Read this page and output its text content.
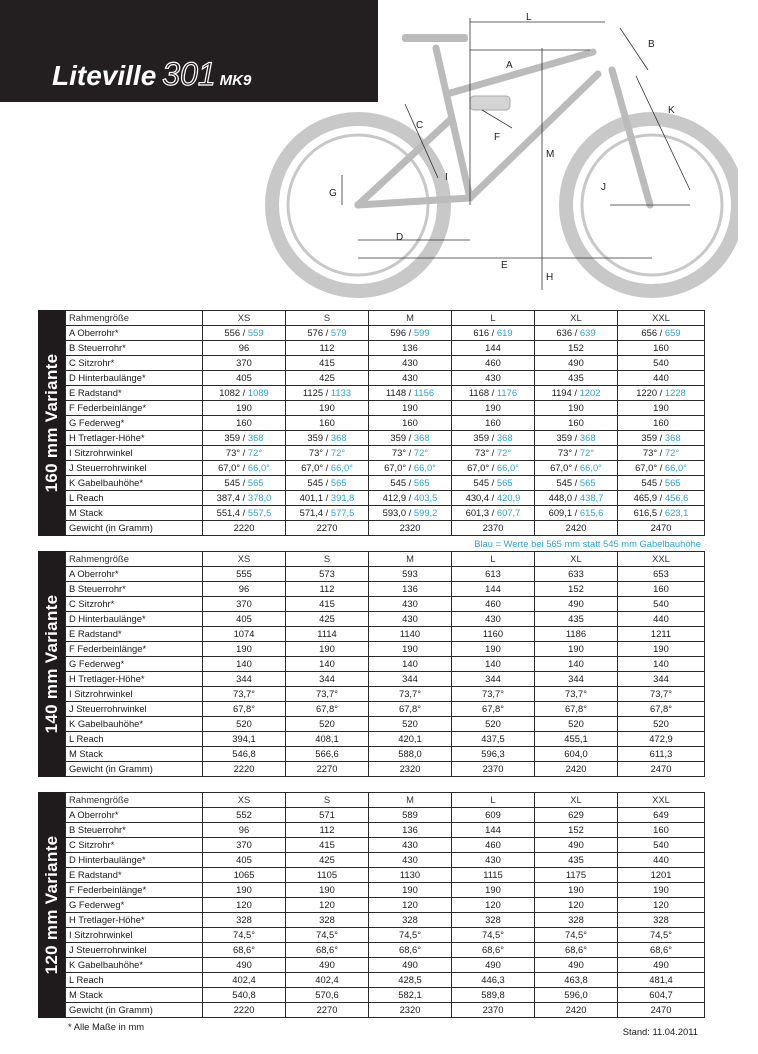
Liteville 301 MK9
L
A
B
C
F
K
M
I
G
J
D
E
H
160 mm Variante
Rahmengröße	XS	S	M	L	XL	XXL
A Oberrohr*	556 / 559	576 / 579	596 / 599	616 / 619	636 / 639	656 / 659
B Steuerrohr*	96	112	136	144	152	160
C Sitzrohr*	370	415	430	460	490	540
D Hinterbaulänge*	405	425	430	430	435	440
E Radstand*	1082 / 1089	1125 / 1133	1148 / 1156	1168 / 1176	1194 / 1202	1220 / 1228
F Federbeinlänge*	190	190	190	190	190	190
G Federweg*	160	160	160	160	160	160
H Tretlager-Höhe*	359 / 368	359 / 368	359 / 368	359 / 368	359 / 368	359 / 368
I Sitzrohrwinkel	73° / 72°	73° / 72°	73° / 72°	73° / 72°	73° / 72°	73° / 72°
J Steuerrohrwinkel	67,0° / 66,0°	67,0° / 66,0°	67,0° / 66,0°	67,0° / 66,0°	67,0° / 66,0°	67,0° / 66,0°
K Gabelbauhöhe*	545 / 565	545 / 565	545 / 565	545 / 565	545 / 565	545 / 565
L Reach	387,4 / 378,0	401,1 / 391,8	412,9 / 403,5	430,4 / 420,9	448,0 / 438,7	465,9 / 456,6
M Stack	551,4 / 557,5	571,4 / 577,5	593,0 / 599,2	601,3 / 607,7	609,1 / 615,6	616,5 / 623,1
Gewicht (in Gramm)	2220	2270	2320	2370	2420	2470
Blau = Werte bei 565 mm statt 545 mm Gabelbauhöhe
140 mm Variante
Rahmengröße	XS	S	M	L	XL	XXL
A Oberrohr*	555	573	593	613	633	653
B Steuerrohr*	96	112	136	144	152	160
C Sitzrohr*	370	415	430	460	490	540
D Hinterbaulänge*	405	425	430	430	435	440
E Radstand*	1074	1114	1140	1160	1186	1211
F Federbeinlänge*	190	190	190	190	190	190
G Federweg*	140	140	140	140	140	140
H Tretlager-Höhe*	344	344	344	344	344	344
I Sitzrohrwinkel	73,7°	73,7°	73,7°	73,7°	73,7°	73,7°
J Steuerrohrwinkel	67,8°	67,8°	67,8°	67,8°	67,8°	67,8°
K Gabelbauhöhe*	520	520	520	520	520	520
L Reach	394,1	408,1	420,1	437,5	455,1	472,9
M Stack	546,8	566,6	588,0	596,3	604,0	611,3
Gewicht (in Gramm)	2220	2270	2320	2370	2420	2470
120 mm Variante
Rahmengröße	XS	S	M	L	XL	XXL
A Oberrohr*	552	571	589	609	629	649
B Steuerrohr*	96	112	136	144	152	160
C Sitzrohr*	370	415	430	460	490	540
D Hinterbaulänge*	405	425	430	430	435	440
E Radstand*	1065	1105	1130	1115	1175	1201
F Federbeinlänge*	190	190	190	190	190	190
G Federweg*	120	120	120	120	120	120
H Tretlager-Höhe*	328	328	328	328	328	328
I Sitzrohrwinkel	74,5°	74,5°	74,5°	74,5°	74,5°	74,5°
J Steuerrohrwinkel	68,6°	68,6°	68,6°	68,6°	68,6°	68,6°
K Gabelbauhöhe*	490	490	490	490	490	490
L Reach	402,4	402,4	428,5	446,3	463,8	481,4
M Stack	540,8	570,6	582,1	589,8	596,0	604,7
Gewicht (in Gramm)	2220	2270	2320	2370	2420	2470
* Alle Maße in mm	Stand: 11.04.2011
